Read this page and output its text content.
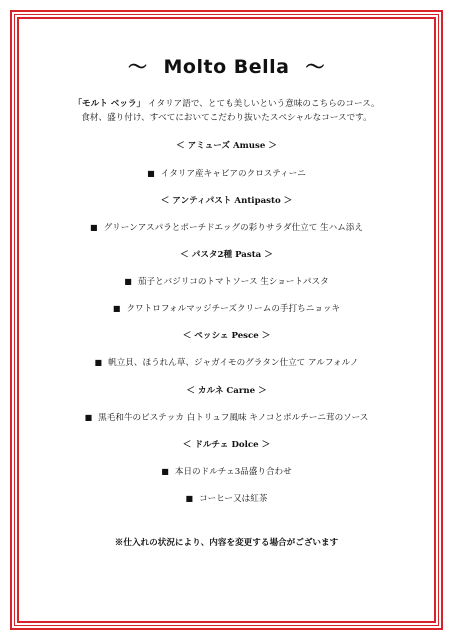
〜 Molto Bella 〜
「モルト ベッラ」 イタリア語で、とても美しいという意味のこちらのコース。
食材、盛り付け、すべてにおいてこだわり抜いたスペシャルなコースです。
＜ アミューズ Amuse ＞
■ イタリア産キャビアのクロスティーニ
＜ アンティパスト Antipasto ＞
■ グリーンアスパラとポーチドエッグの彩りサラダ仕立て 生ハム添え
＜ パスタ2種 Pasta ＞
■ 茄子とバジリコのトマトソース 生ショートパスタ
■ クワトロフォルマッジチーズクリームの手打ちニョッキ
＜ ペッシェ Pesce ＞
■ 帆立貝、ほうれん草、ジャガイモのグラタン仕立て アルフォルノ
＜ カルネ Carne ＞
■ 黒毛和牛のビステッカ 白トリュフ風味 キノコとポルチーニ茸のソース
＜ ドルチェ Dolce ＞
■ 本日のドルチェ3品盛り合わせ
■ コーヒー又は紅茶
※仕入れの状況により、内容を変更する場合がございます
